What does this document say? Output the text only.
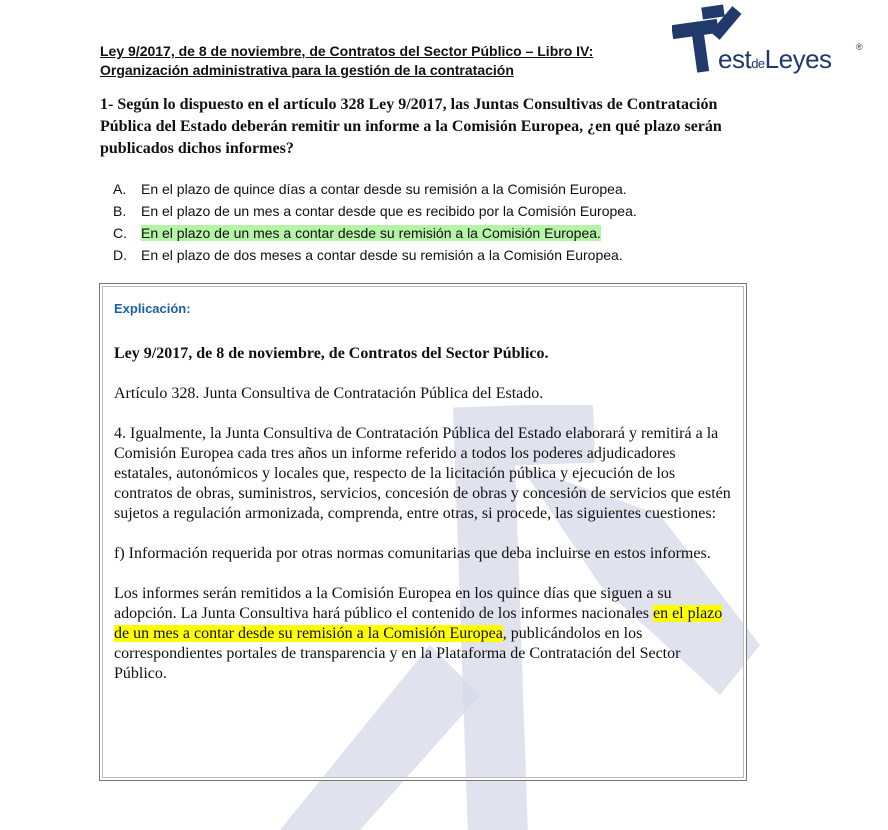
Ley 9/2017, de 8 de noviembre, de Contratos del Sector Público – Libro IV:
Organización administrativa para la gestión de la contratación	estdeLeyes	®
1- Según lo dispuesto en el artículo 328 Ley 9/2017, las Juntas Consultivas de Contratación Pública del Estado deberán remitir un informe a la Comisión Europea, ¿en qué plazo serán publicados dichos informes?
A. En el plazo de quince días a contar desde su remisión a la Comisión Europea.
B. En el plazo de un mes a contar desde que es recibido por la Comisión Europea.
C. En el plazo de un mes a contar desde su remisión a la Comisión Europea.
D. En el plazo de dos meses a contar desde su remisión a la Comisión Europea.
Explicación:

Ley 9/2017, de 8 de noviembre, de Contratos del Sector Público.

Artículo 328. Junta Consultiva de Contratación Pública del Estado.

4. Igualmente, la Junta Consultiva de Contratación Pública del Estado elaborará y remitirá a la Comisión Europea cada tres años un informe referido a todos los poderes adjudicadores estatales, autonómicos y locales que, respecto de la licitación pública y ejecución de los contratos de obras, suministros, servicios, concesión de obras y concesión de servicios que estén sujetos a regulación armonizada, comprenda, entre otras, si procede, las siguientes cuestiones:

f) Información requerida por otras normas comunitarias que deba incluirse en estos informes.

Los informes serán remitidos a la Comisión Europea en los quince días que siguen a su adopción. La Junta Consultiva hará público el contenido de los informes nacionales en el plazo de un mes a contar desde su remisión a la Comisión Europea, publicándolos en los correspondientes portales de transparencia y en la Plataforma de Contratación del Sector Público.
